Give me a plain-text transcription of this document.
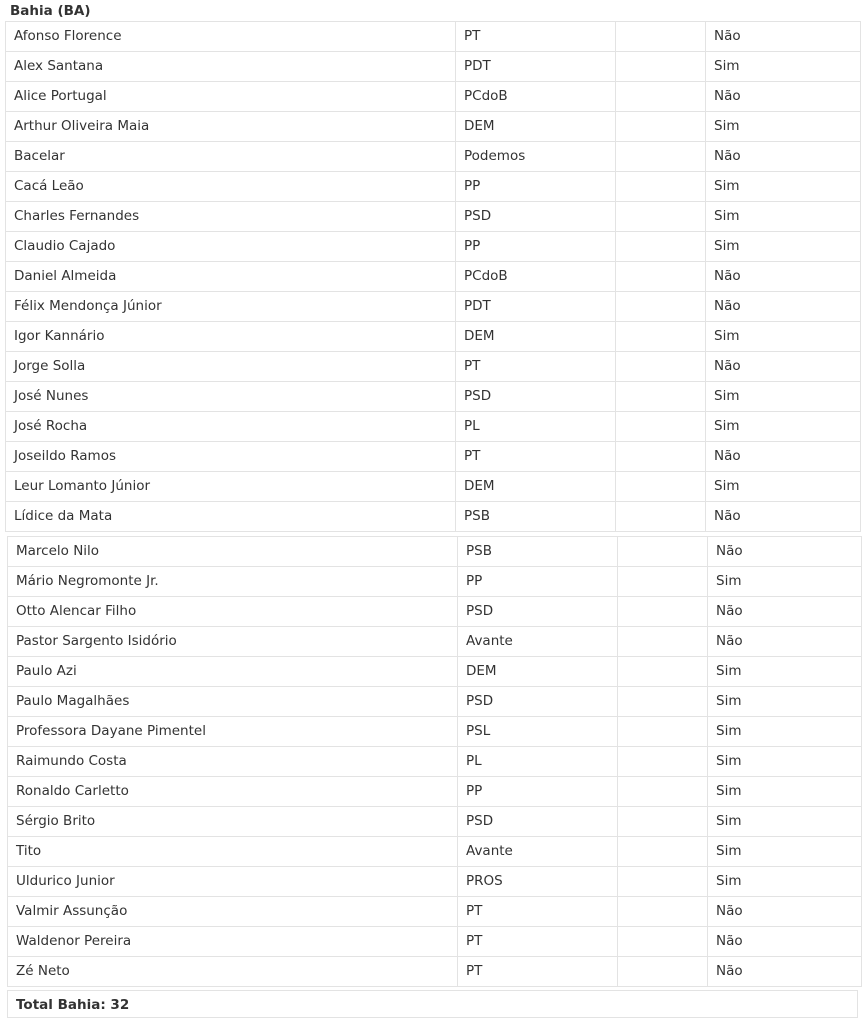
Bahia (BA)
Afonso Florence	PT		Não
Alex Santana	PDT		Sim
Alice Portugal	PCdoB		Não
Arthur Oliveira Maia	DEM		Sim
Bacelar	Podemos		Não
Cacá Leão	PP		Sim
Charles Fernandes	PSD		Sim
Claudio Cajado	PP		Sim
Daniel Almeida	PCdoB		Não
Félix Mendonça Júnior	PDT		Não
Igor Kannário	DEM		Sim
Jorge Solla	PT		Não
José Nunes	PSD		Sim
José Rocha	PL		Sim
Joseildo Ramos	PT		Não
Leur Lomanto Júnior	DEM		Sim
Lídice da Mata	PSB		Não
Marcelo Nilo	PSB		Não
Mário Negromonte Jr.	PP		Sim
Otto Alencar Filho	PSD		Não
Pastor Sargento Isidório	Avante		Não
Paulo Azi	DEM		Sim
Paulo Magalhães	PSD		Sim
Professora Dayane Pimentel	PSL		Sim
Raimundo Costa	PL		Sim
Ronaldo Carletto	PP		Sim
Sérgio Brito	PSD		Sim
Tito	Avante		Sim
Uldurico Junior	PROS		Sim
Valmir Assunção	PT		Não
Waldenor Pereira	PT		Não
Zé Neto	PT		Não
Total Bahia: 32
